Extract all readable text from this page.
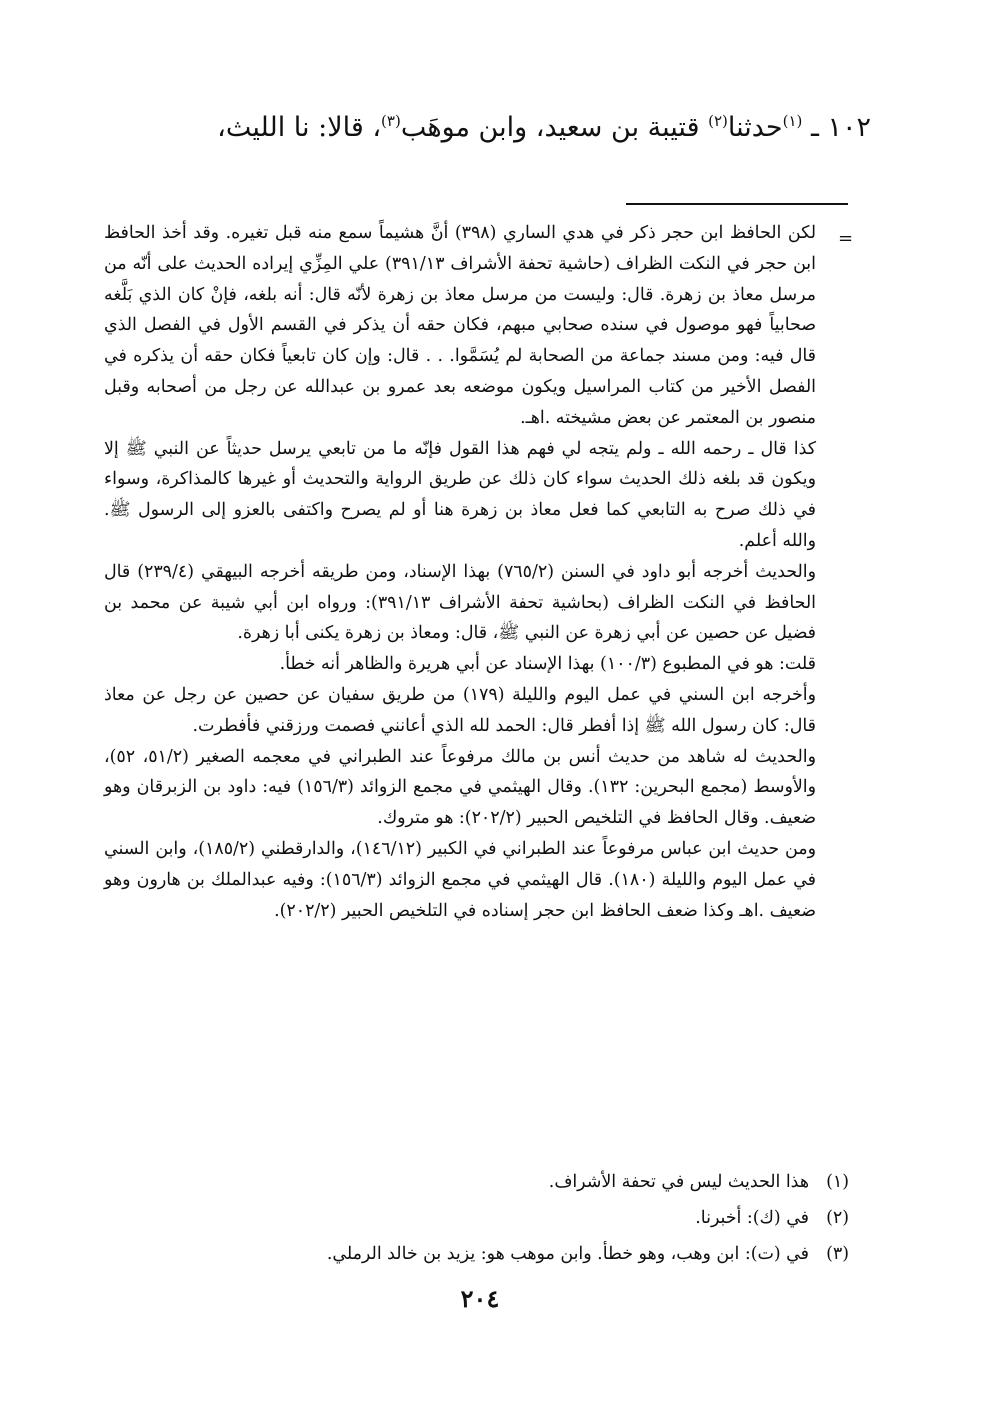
١٠٢ ـ $^{(١)}$حدثنا$^{(٢)}$ قتيبة بن سعيد، وابن موهَب$^{(٣)}$، قالا: نا الليث،
=

لكن الحافظ ابن حجر ذكر في هدي الساري (٣٩٨) أنَّ هشيماً سمع منه قبل تغيره. وقد أخذ الحافظ ابن حجر في النكت الظراف (حاشية تحفة الأشراف ٣٩١/١٣) علي المِزِّي إيراده الحديث على أنّه من مرسل معاذ بن زهرة. قال: وليست من مرسل معاذ بن زهرة لأنّه قال: أنه بلغه، فإنْ كان الذي بَلَّغه صحابياً فهو موصول في سنده صحابي مبهم، فكان حقه أن يذكر في القسم الأول في الفصل الذي قال فيه: ومن مسند جماعة من الصحابة لم يُسَمَّوا. . . قال: وإن كان تابعياً فكان حقه أن يذكره في الفصل الأخير من كتاب المراسيل ويكون موضعه بعد عمرو بن عبدالله عن رجل من أصحابه وقبل منصور بن المعتمر عن بعض مشيخته .اهـ.

كذا قال ـ رحمه الله ـ ولم يتجه لي فهم هذا القول فإنّه ما من تابعي يرسل حديثاً عن النبي ﷺ إلا ويكون قد بلغه ذلك الحديث سواء كان ذلك عن طريق الرواية والتحديث أو غيرها كالمذاكرة، وسواء في ذلك صرح به التابعي كما فعل معاذ بن زهرة هنا أو لم يصرح واكتفى بالعزو إلى الرسول ﷺ. والله أعلم.

والحديث أخرجه أبو داود في السنن (٧٦٥/٢) بهذا الإسناد، ومن طريقه أخرجه البيهقي (٢٣٩/٤) قال الحافظ في النكت الظراف (بحاشية تحفة الأشراف ٣٩١/١٣): ورواه ابن أبي شيبة عن محمد بن فضيل عن حصين عن أبي زهرة عن النبي ﷺ، قال: ومعاذ بن زهرة يكنى أبا زهرة.

قلت: هو في المطبوع (١٠٠/٣) بهذا الإسناد عن أبي هريرة والظاهر أنه خطأ.

وأخرجه ابن السني في عمل اليوم والليلة (١٧٩) من طريق سفيان عن حصين عن رجل عن معاذ قال: كان رسول الله ﷺ إذا أفطر قال: الحمد لله الذي أعانني فصمت ورزقني فأفطرت.

والحديث له شاهد من حديث أنس بن مالك مرفوعاً عند الطبراني في معجمه الصغير (٥١/٢، ٥٢)، والأوسط (مجمع البحرين: ١٣٢). وقال الهيثمي في مجمع الزوائد (١٥٦/٣) فيه: داود بن الزبرقان وهو ضعيف. وقال الحافظ في التلخيص الحبير (٢٠٢/٢): هو متروك.

ومن حديث ابن عباس مرفوعاً عند الطبراني في الكبير (١٤٦/١٢)، والدارقطني (١٨٥/٢)، وابن السني في عمل اليوم والليلة (١٨٠). قال الهيثمي في مجمع الزوائد (١٥٦/٣): وفيه عبدالملك بن هارون وهو ضعيف .اهـ وكذا ضعف الحافظ ابن حجر إسناده في التلخيص الحبير (٢٠٢/٢).

(١)
هذا الحديث ليس في تحفة الأشراف.
(٢)
في (ك): أخبرنا.
(٣)
في (ت): ابن وهب، وهو خطأ. وابن موهب هو: يزيد بن خالد الرملي.
٢٠٤
